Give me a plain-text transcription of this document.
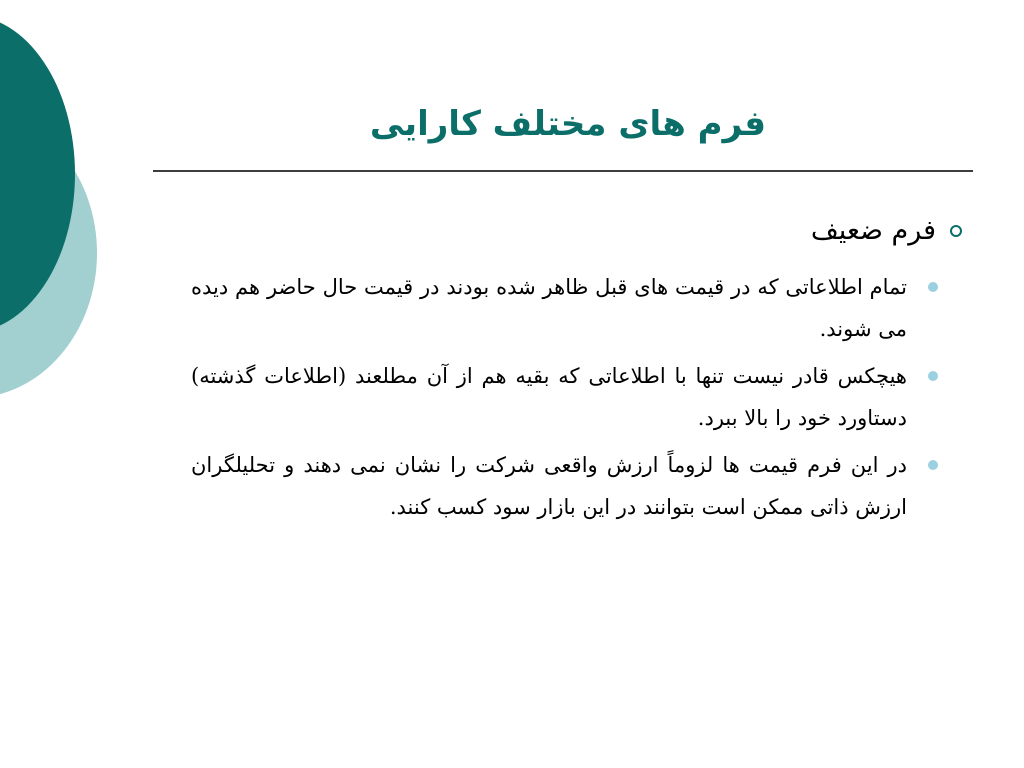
فرم های مختلف کارایی
فرم ضعیف
تمام اطلاعاتی که در قیمت های قبل ظاهر شده بودند در قیمت حال حاضر هم دیده می شوند.
هیچکس قادر نیست تنها با اطلاعاتی که بقیه هم از آن مطلعند (اطلاعات گذشته) دستاورد خود را بالا ببرد.
در این فرم قیمت ها لزوماً ارزش واقعی شرکت را نشان نمی دهند و تحلیلگران ارزش ذاتی ممکن است بتوانند در این بازار سود کسب کنند.
